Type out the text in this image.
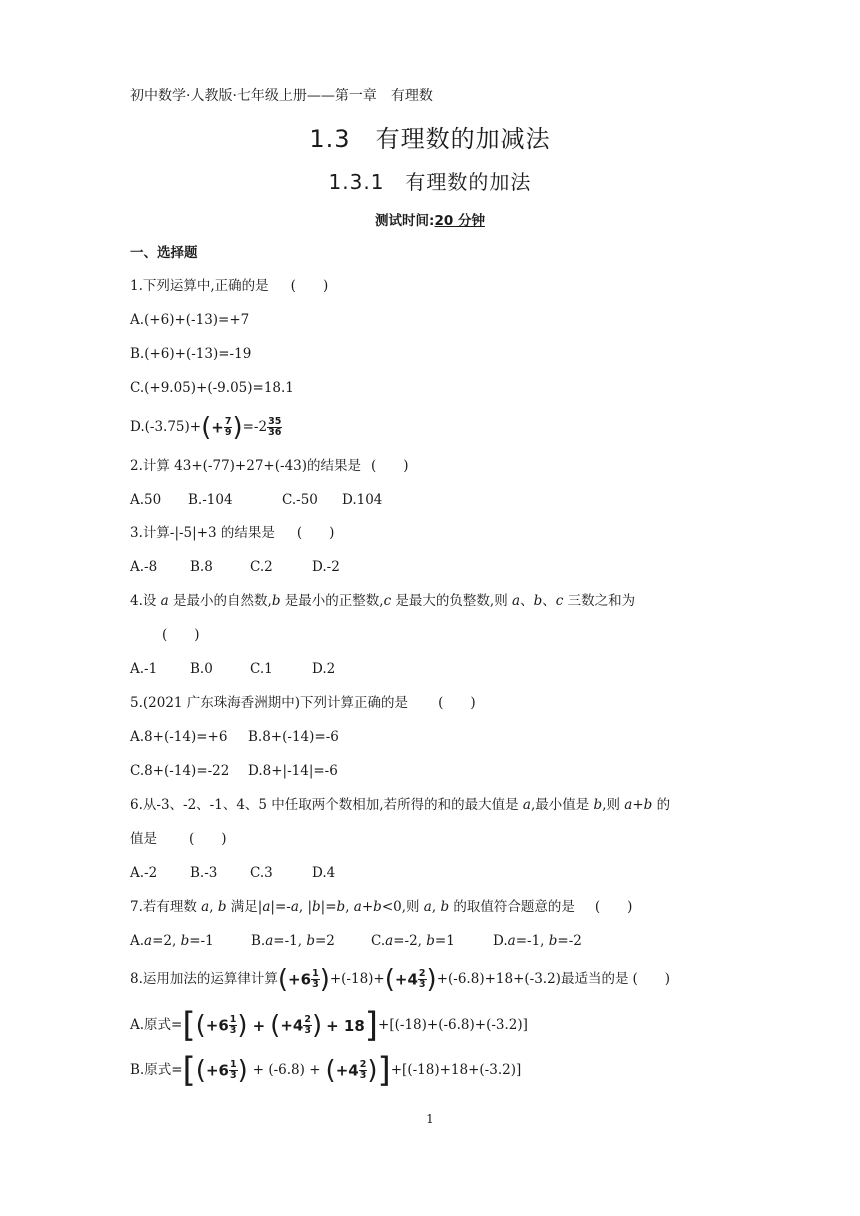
初中数学·人教版·七年级上册——第一章　有理数
1.3　有理数的加减法
1.3.1　有理数的加法
测试时间:20 分钟
一、选择题
1.下列运算中,正确的是 (　　)
A.(+6)+(-13)=+7
B.(+6)+(-13)=-19
C.(+9.05)+(-9.05)=18.1
$D.(-3.75)+(+ \frac{7}{9} )=-2 \frac{35}{36}$
2.计算 43+(-77)+27+(-43)的结果是 (　　)
A.50 B.-104	C.-50 D.104
3.计算-|-5|+3 的结果是 (　　)
A.-8 B.8	C.2	D.-2
4.设 a 是最小的自然数,b 是最小的正整数,c 是最大的负整数,则 a、b、c 三数之和为
(　　)
A.-1 B.0	C.1	D.2
5.(2021 广东珠海香洲期中)下列计算正确的是 (　　)
A.8+(-14)=+6 B.8+(-14)=-6
C.8+(-14)=-22 D.8+|-14|=-6
6.从-3、-2、-1、4、5 中任取两个数相加,若所得的和的最大值是 a,最小值是 b,则 a+b 的
值是 (　　)
A.-2 B.-3 C.3	D.4
7.若有理数 a, b 满足|a|=-a, |b|=b, a+b<0,则 a, b 的取值符合题意的是 (　　)
A.a=2, b=-1	B.a=-1, b=2	C.a=-2, b=1	D.a=-1, b=-2
8.运用加法的运算律计算$(+6 \frac{1}{3} )+(-18)+(+4 \frac{2}{3} )+(-6.8)+18+(-3.2)$最适当的是 (　　)
A.原式$=[(+6 \frac{1}{3}$ ) + ($+4 \frac{2}{3}$ ) + 18]+[(-18)+(-6.8)+(-3.2)]
B.原式$=[(+6 \frac{1}{3}$ ) + $(-6.8) + (+4 \frac{2}{3} )]+[(-18)+18+(-3.2)]$
1
